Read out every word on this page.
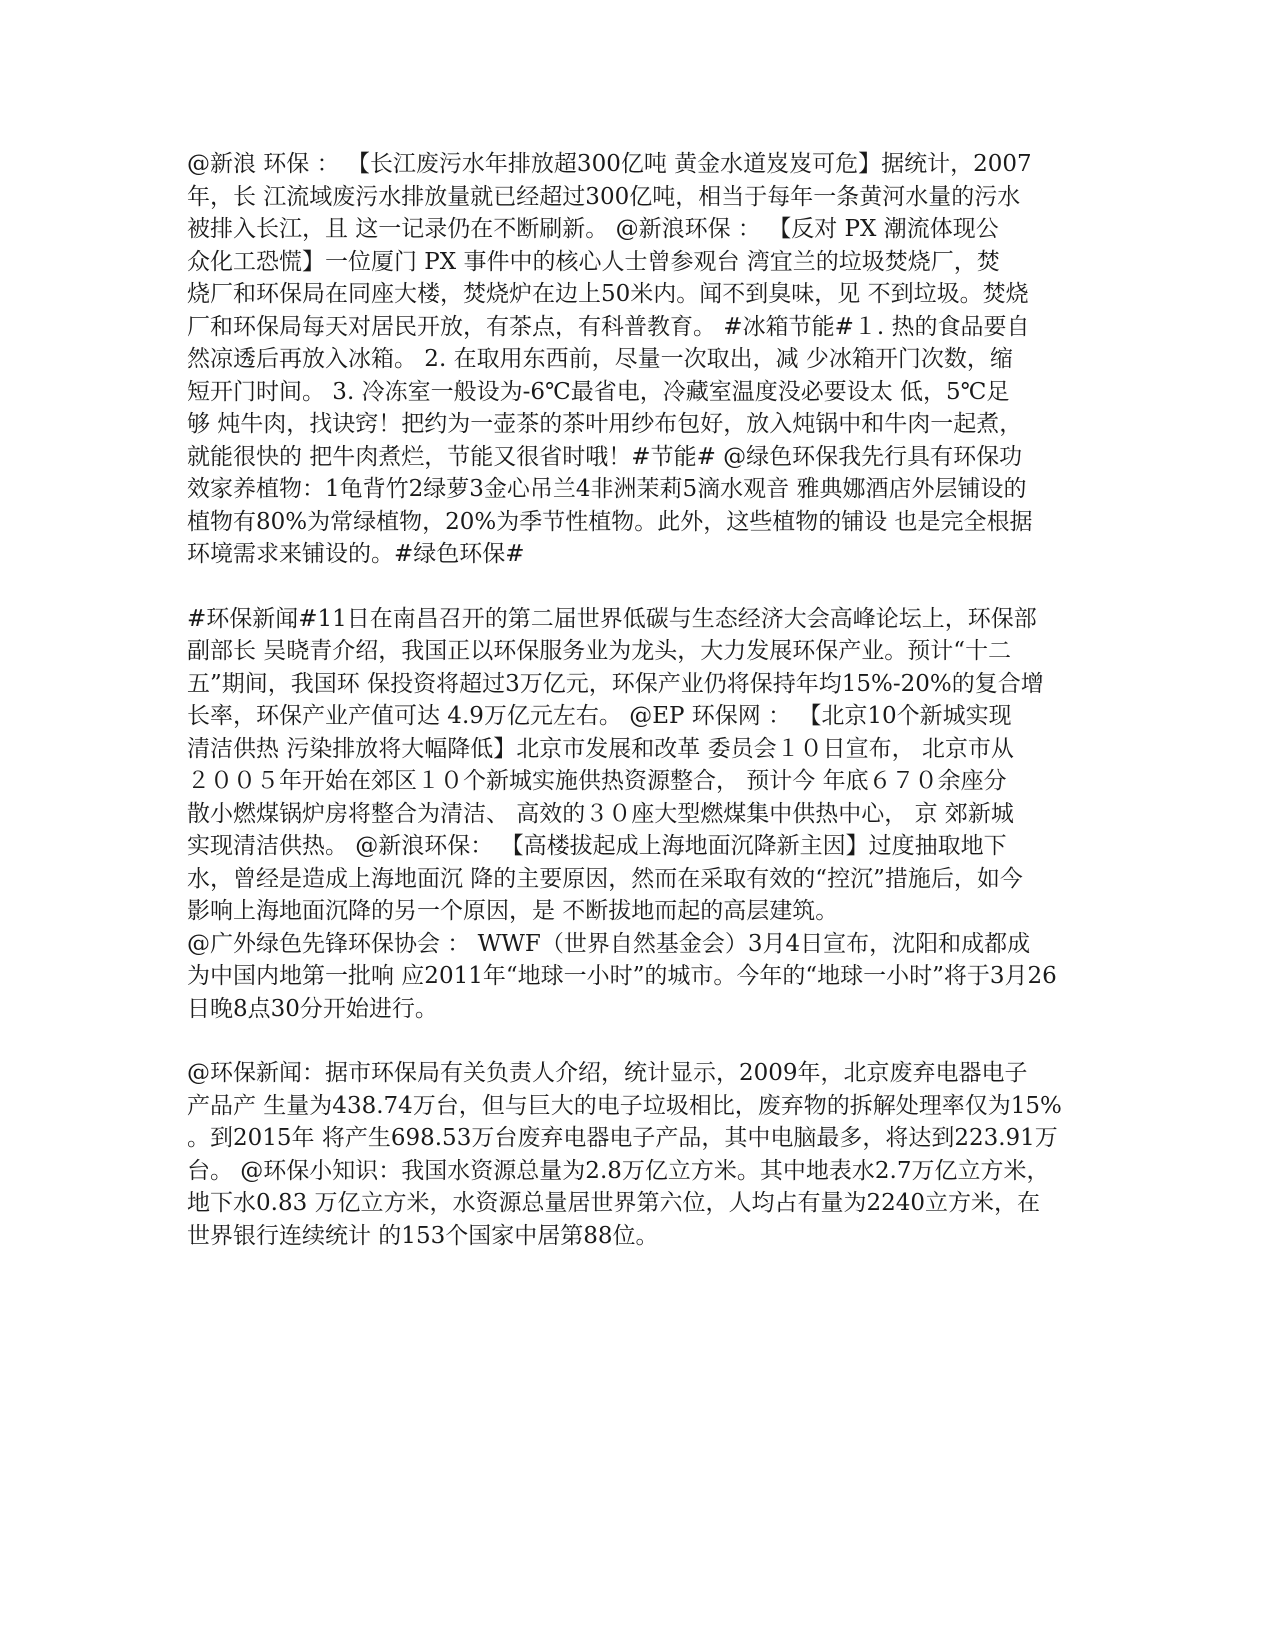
@新浪 环保 ： 【长江废污水年排放超300亿吨 黄金水道岌岌可危】据统计，2007
年，长 江流域废污水排放量就已经超过300亿吨，相当于每年一条黄河水量的污水
被排入长江，且 这一记录仍在不断刷新。 @新浪环保 ： 【反对 PX 潮流体现公
众化工恐慌】一位厦门 PX 事件中的核心人士曾参观台 湾宜兰的垃圾焚烧厂，焚
烧厂和环保局在同座大楼，焚烧炉在边上50米内。闻不到臭味，见 不到垃圾。焚烧
厂和环保局每天对居民开放，有茶点，有科普教育。 #冰箱节能#１. 热的食品要自
然凉透后再放入冰箱。 2. 在取用东西前，尽量一次取出，减 少冰箱开门次数，缩
短开门时间。 3. 冷冻室一般设为-6℃最省电，冷藏室温度没必要设太 低，5℃足
够 炖牛肉，找诀窍！把约为一壶茶的茶叶用纱布包好，放入炖锅中和牛肉一起煮，
就能很快的 把牛肉煮烂，节能又很省时哦！#节能# @绿色环保我先行具有环保功
效家养植物：1龟背竹2绿萝3金心吊兰4非洲茉莉5滴水观音 雅典娜酒店外层铺设的
植物有80%为常绿植物，20%为季节性植物。此外，这些植物的铺设 也是完全根据
环境需求来铺设的。#绿色环保#

#环保新闻#11日在南昌召开的第二届世界低碳与生态经济大会高峰论坛上，环保部
副部长 吴晓青介绍，我国正以环保服务业为龙头，大力发展环保产业。预计“十二
五”期间，我国环 保投资将超过3万亿元，环保产业仍将保持年均15%-20%的复合增
长率，环保产业产值可达 4.9万亿元左右。 @EP 环保网 ： 【北京10个新城实现
清洁供热 污染排放将大幅降低】北京市发展和改革 委员会１０日宣布， 北京市从
２００５年开始在郊区１０个新城实施供热资源整合， 预计今 年底６７０余座分
散小燃煤锅炉房将整合为清洁、 高效的３０座大型燃煤集中供热中心， 京 郊新城
实现清洁供热。 @新浪环保： 【高楼拔起成上海地面沉降新主因】过度抽取地下
水，曾经是造成上海地面沉 降的主要原因，然而在采取有效的“控沉”措施后，如今
影响上海地面沉降的另一个原因，是 不断拔地而起的高层建筑。
@广外绿色先锋环保协会 ： WWF（世界自然基金会）3月4日宣布，沈阳和成都成
为中国内地第一批响 应2011年“地球一小时”的城市。今年的“地球一小时”将于3月26
日晚8点30分开始进行。

@环保新闻：据市环保局有关负责人介绍，统计显示，2009年，北京废弃电器电子
产品产 生量为438.74万台，但与巨大的电子垃圾相比，废弃物的拆解处理率仅为15%
。到2015年 将产生698.53万台废弃电器电子产品，其中电脑最多，将达到223.91万
台。 @环保小知识：我国水资源总量为2.8万亿立方米。其中地表水2.7万亿立方米，
地下水0.83 万亿立方米，水资源总量居世界第六位，人均占有量为2240立方米，在
世界银行连续统计 的153个国家中居第88位。
